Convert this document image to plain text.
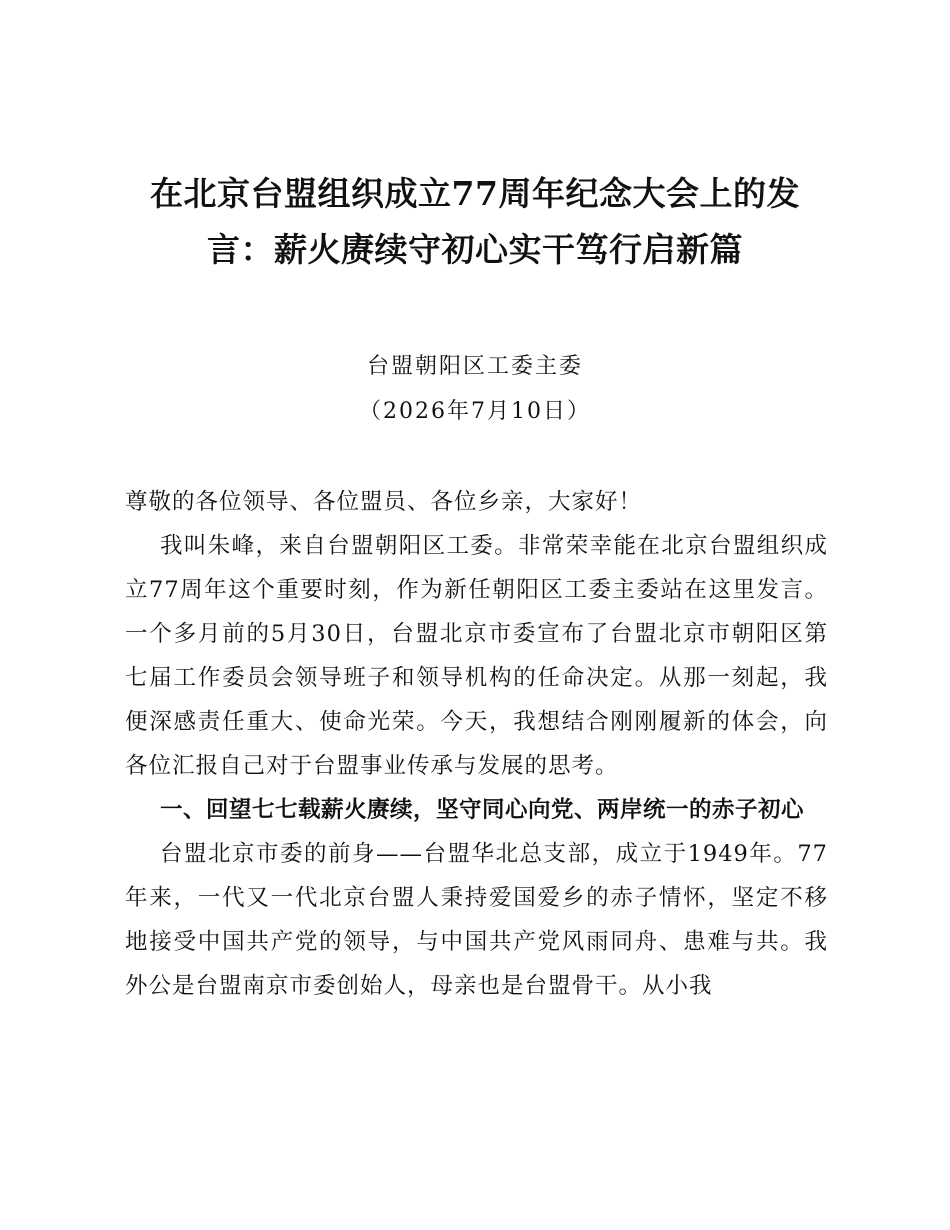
在北京台盟组织成立77周年纪念大会上的发言：薪火赓续守初心实干笃行启新篇
台盟朝阳区工委主委
（2026年7月10日）

尊敬的各位领导、各位盟员、各位乡亲，大家好！

我叫朱峰，来自台盟朝阳区工委。非常荣幸能在北京台盟组织成立77周年这个重要时刻，作为新任朝阳区工委主委站在这里发言。一个多月前的5月30日，台盟北京市委宣布了台盟北京市朝阳区第七届工作委员会领导班子和领导机构的任命决定。从那一刻起，我便深感责任重大、使命光荣。今天，我想结合刚刚履新的体会，向各位汇报自己对于台盟事业传承与发展的思考。

一、回望七七载薪火赓续，坚守同心向党、两岸统一的赤子初心

台盟北京市委的前身——台盟华北总支部，成立于1949年。77年来，一代又一代北京台盟人秉持爱国爱乡的赤子情怀，坚定不移地接受中国共产党的领导，与中国共产党风雨同舟、患难与共。我外公是台盟南京市委创始人，母亲也是台盟骨干。从小我
